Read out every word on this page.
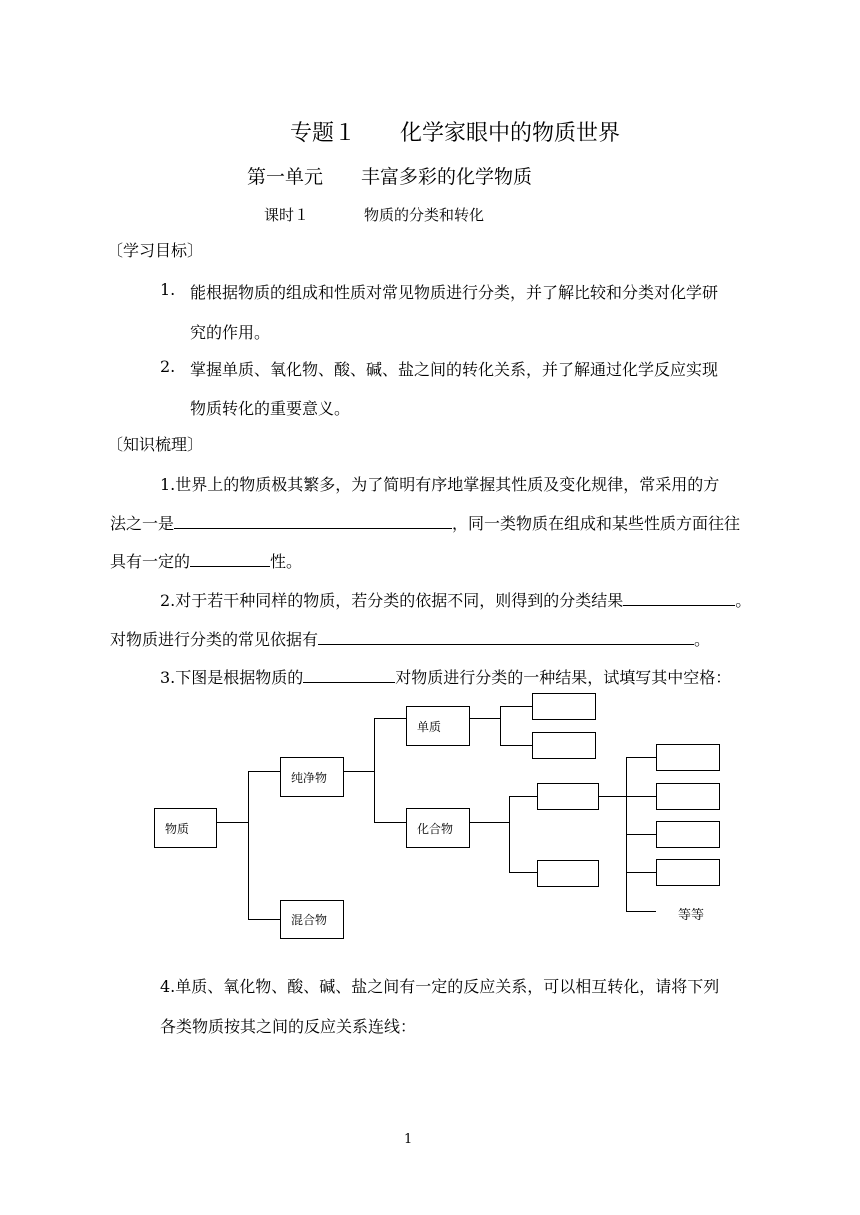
专题１　　化学家眼中的物质世界
第一单元　　丰富多彩的化学物质
课时１	物质的分类和转化
〔学习目标〕
1. 能根据物质的组成和性质对常见物质进行分类，并了解比较和分类对化学研
究的作用。
2. 掌握单质、氧化物、酸、碱、盐之间的转化关系，并了解通过化学反应实现
物质转化的重要意义。
〔知识梳理〕
1.世界上的物质极其繁多，为了简明有序地掌握其性质及变化规律，常采用的方
法之一是	，同一类物质在组成和某些性质方面往往
具有一定的	性。
2.对于若干种同样的物质，若分类的依据不同，则得到的分类结果	。
对物质进行分类的常见依据有	。
3.下图是根据物质的	对物质进行分类的一种结果，试填写其中空格：
物质
纯净物
混合物
单质
化合物
等等
4.单质、氧化物、酸、碱、盐之间有一定的反应关系，可以相互转化，请将下列
各类物质按其之间的反应关系连线：
1
